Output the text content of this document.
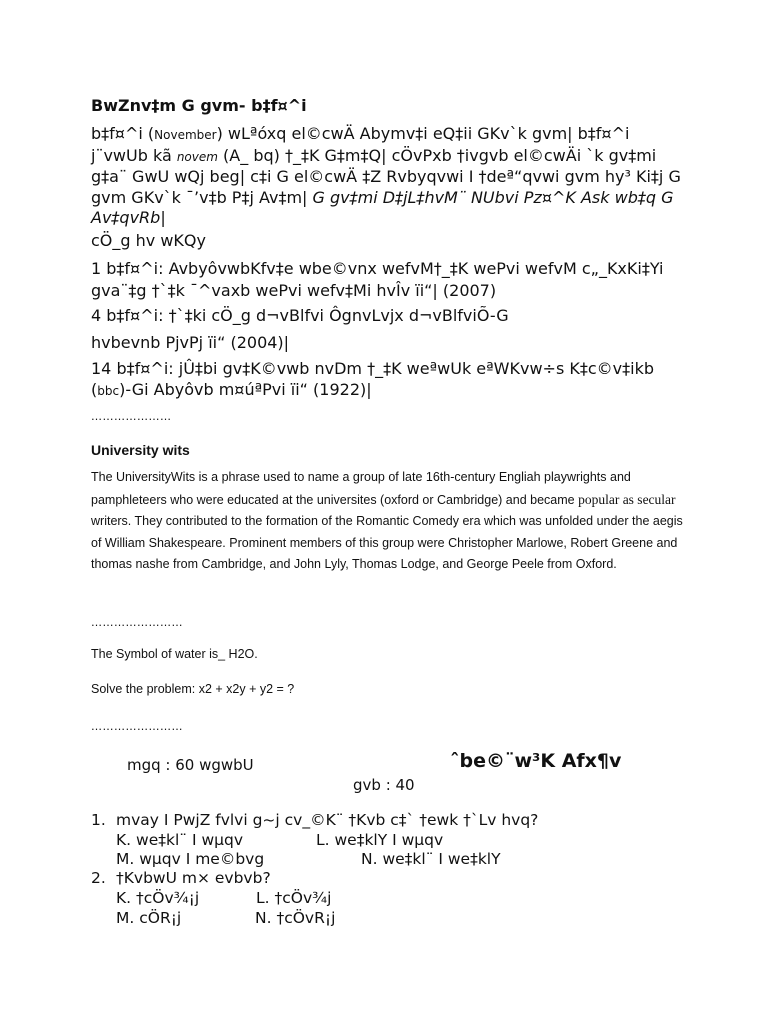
BwZnv‡m G gvm- b‡f¤^i
b‡f¤^i (November) wLªóxq el©cwÄ Abymv‡i eQ‡ii GKv`k gvm| b‡f¤^i j¨vwUb kã novem (A_ bq) †_‡K G‡m‡Q| cÖvPxb †ivgvb el©cwÄi `k gv‡mi g‡a¨ GwU wQj beg| c‡i G el©cwÄ ‡Z Rvbyqvwi I †deª“qvwi gvm hy³ Ki‡j G gvm GKv`k ¯’v‡b P‡j Av‡m| G gv‡mi D‡jL‡hvM¨ NUbvi Pz¤^K Ask wb‡q G Av‡qvRb|
cÖ_g hv wKQy
1 b‡f¤^i: AvbyôvwbKfv‡e wbe©vnx wefvM†_‡K wePvi wefvM c„_KxKi‡Yi gva¨‡g †`‡k ¯^vaxb wePvi wefv‡Mi hvÎv ïi“| (2007)
4 b‡f¤^i: †`‡ki cÖ_g d¬vBlfvi ÔgnvLvjx d¬vBlfviÕ-G
hvbevnb PjvPj ïi“ (2004)|
14 b‡f¤^i: jÛ‡bi gv‡K©vwb nvDm †_‡K weªwUk eªWKvw÷s K‡c©v‡ikb (bbc)-Gi Abyôvb m¤úªPvi ïi“ (1922)|
…………………
University wits
The UniversityWits is a phrase used to name a group of late 16th-century Engliah playwrights and pamphleteers who were educated at the universites (oxford or Cambridge) and became popular as secular writers. They contributed to the formation of the Romantic Comedy era which was unfolded under the aegis of William Shakespeare. Prominent members of this group were Christopher Marlowe, Robert Greene and thomas nashe from Cambridge, and John Lyly, Thomas Lodge, and George Peele from Oxford.
……………………
The Symbol of water is_ H2O.
Solve the problem: x2 + x2y + y2 = ?
……………………
mgq : 60 wgwbU	ˆbe©¨w³K Afx¶v
gvb : 40
1. mvay I PwjZ fvlvi g~j cv_©K¨ †Kvb c‡` †ewk †`Lv hvq?
K. we‡kl¨ I wµqv	L. we‡klY I wµqv
M. wµqv I me©bvg	N. we‡kl¨ I we‡klY
2. †KvbwU m× evbvb?
K. †cÖv¾¡j	L. †cÖv¾j
M. cÖR¡j	N. †cÖvR¡j
